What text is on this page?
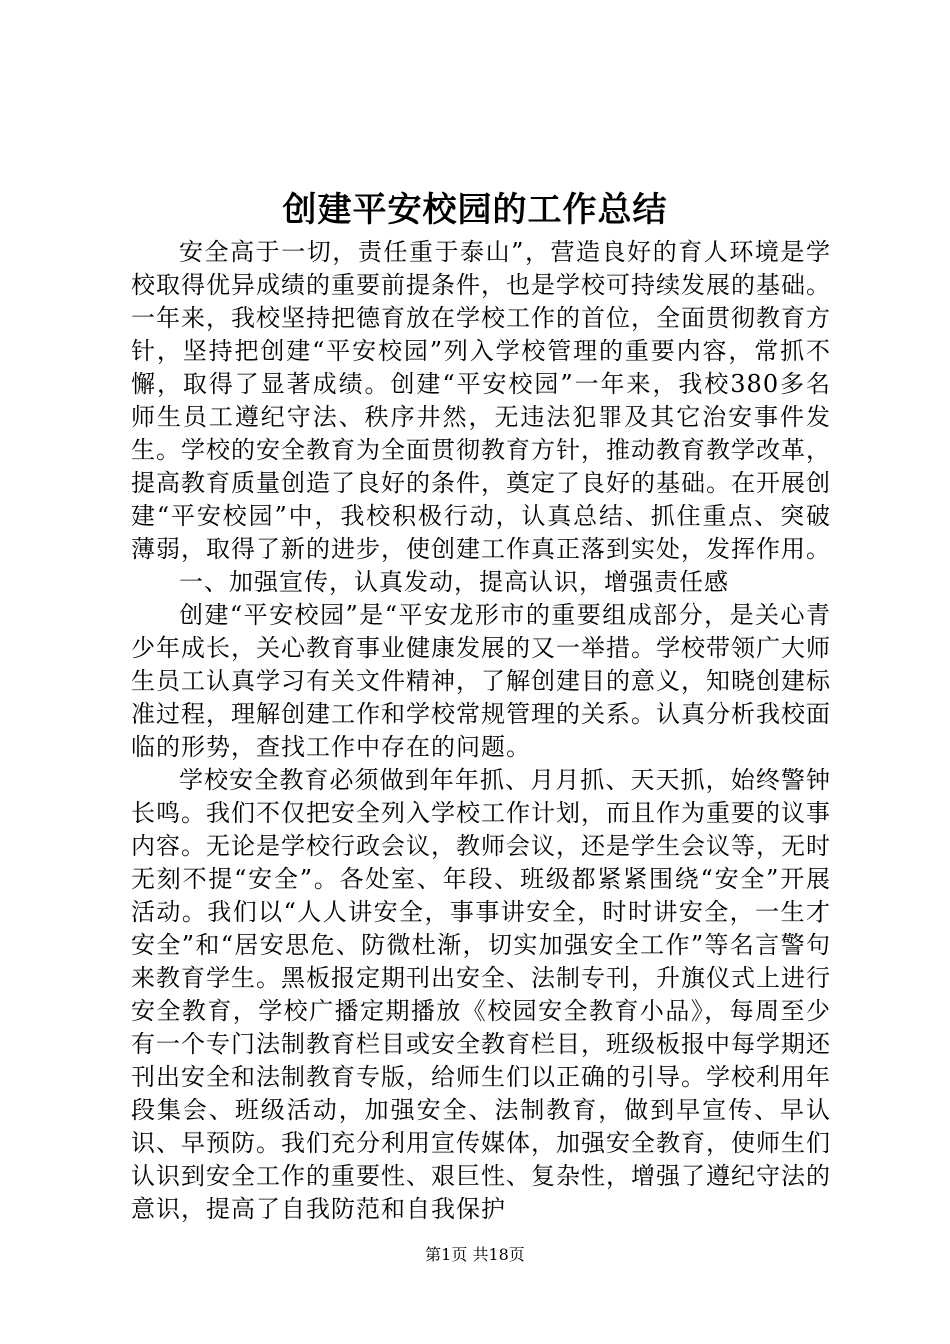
创建平安校园的工作总结

安全高于一切，责任重于泰山”，营造良好的育人环境是学校取得优异成绩的重要前提条件，也是学校可持续发展的基础。一年来，我校坚持把德育放在学校工作的首位，全面贯彻教育方针，坚持把创建“平安校园”列入学校管理的重要内容，常抓不懈，取得了显著成绩。创建“平安校园”一年来，我校380多名师生员工遵纪守法、秩序井然，无违法犯罪及其它治安事件发生。学校的安全教育为全面贯彻教育方针，推动教育教学改革，提高教育质量创造了良好的条件，奠定了良好的基础。在开展创建“平安校园”中，我校积极行动，认真总结、抓住重点、突破薄弱，取得了新的进步，使创建工作真正落到实处，发挥作用。

一、加强宣传，认真发动，提高认识，增强责任感

创建“平安校园”是“平安龙形市的重要组成部分，是关心青少年成长，关心教育事业健康发展的又一举措。学校带领广大师生员工认真学习有关文件精神，了解创建目的意义，知晓创建标准过程，理解创建工作和学校常规管理的关系。认真分析我校面临的形势，查找工作中存在的问题。

学校安全教育必须做到年年抓、月月抓、天天抓，始终警钟长鸣。我们不仅把安全列入学校工作计划，而且作为重要的议事内容。无论是学校行政会议，教师会议，还是学生会议等，无时无刻不提“安全”。各处室、年段、班级都紧紧围绕“安全”开展活动。我们以“人人讲安全，事事讲安全，时时讲安全，一生才安全”和“居安思危、防微杜渐，切实加强安全工作”等名言警句来教育学生。黑板报定期刊出安全、法制专刊，升旗仪式上进行安全教育，学校广播定期播放《校园安全教育小品》，每周至少有一个专门法制教育栏目或安全教育栏目，班级板报中每学期还刊出安全和法制教育专版，给师生们以正确的引导。学校利用年段集会、班级活动，加强安全、法制教育，做到早宣传、早认识、早预防。我们充分利用宣传媒体，加强安全教育，使师生们认识到安全工作的重要性、艰巨性、复杂性，增强了遵纪守法的意识，提高了自我防范和自我保护

第1页 共18页
